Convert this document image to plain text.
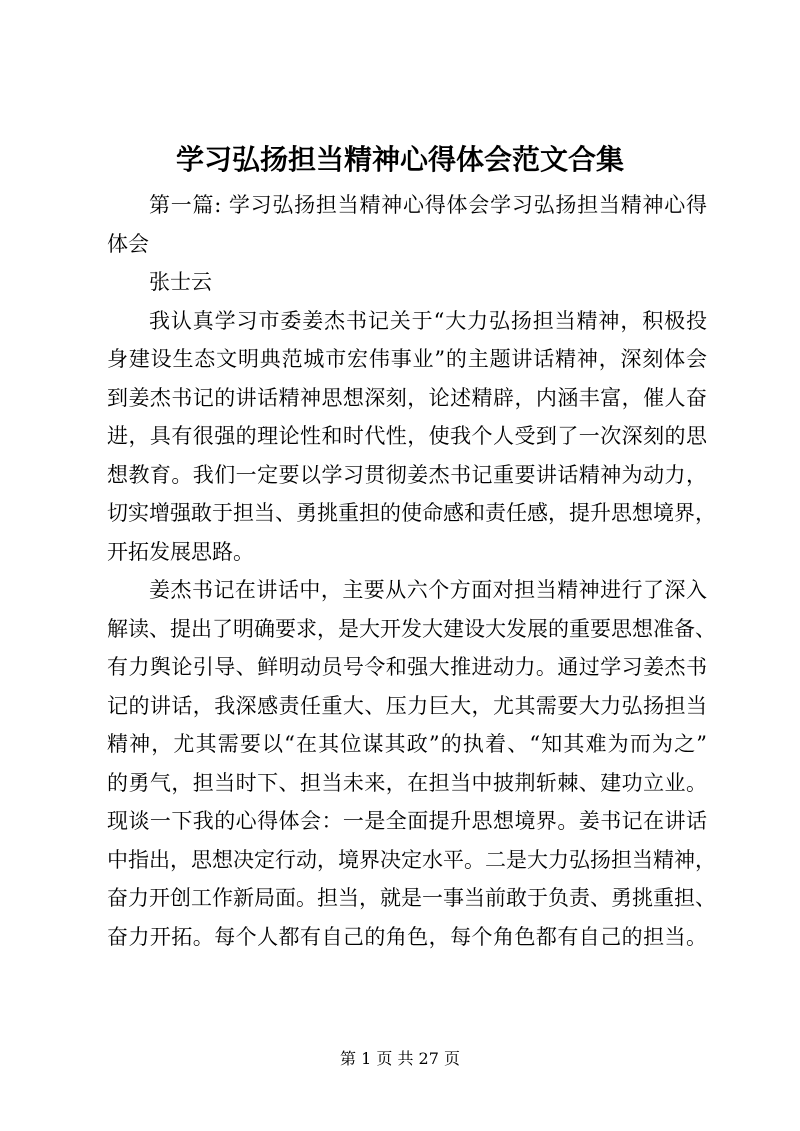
学习弘扬担当精神心得体会范文合集
第一篇: 学习弘扬担当精神心得体会学习弘扬担当精神心得
体会
张士云
我认真学习市委姜杰书记关于“大力弘扬担当精神，积极投
身建设生态文明典范城市宏伟事业”的主题讲话精神，深刻体会
到姜杰书记的讲话精神思想深刻，论述精辟，内涵丰富，催人奋
进，具有很强的理论性和时代性，使我个人受到了一次深刻的思
想教育。我们一定要以学习贯彻姜杰书记重要讲话精神为动力，
切实增强敢于担当、勇挑重担的使命感和责任感，提升思想境界，
开拓发展思路。
姜杰书记在讲话中，主要从六个方面对担当精神进行了深入
解读、提出了明确要求，是大开发大建设大发展的重要思想准备、
有力舆论引导、鲜明动员号令和强大推进动力。通过学习姜杰书
记的讲话，我深感责任重大、压力巨大，尤其需要大力弘扬担当
精神，尤其需要以“在其位谋其政”的执着、“知其难为而为之”
的勇气，担当时下、担当未来，在担当中披荆斩棘、建功立业。
现谈一下我的心得体会：一是全面提升思想境界。姜书记在讲话
中指出，思想决定行动，境界决定水平。二是大力弘扬担当精神，
奋力开创工作新局面。担当，就是一事当前敢于负责、勇挑重担、
奋力开拓。每个人都有自己的角色，每个角色都有自己的担当。
第 1 页 共 27 页
